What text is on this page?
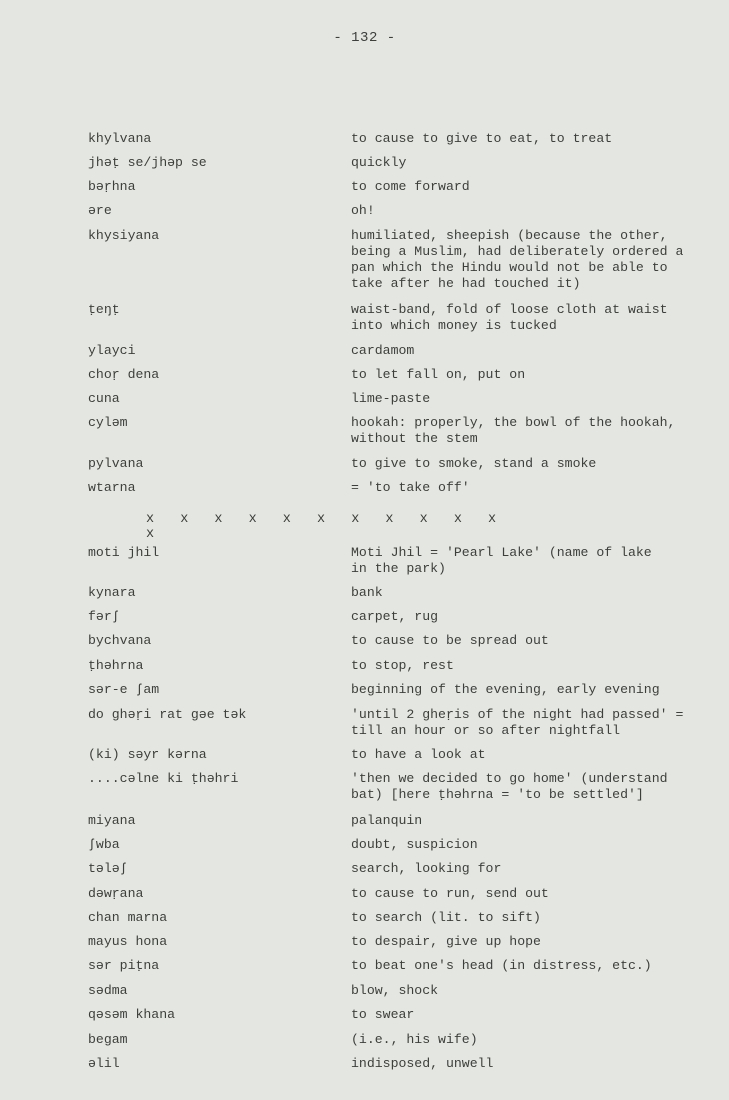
- 132 -
khylvana	to cause to give to eat, to treat
jhəṭ se/jhəp se	quickly
bəṛhna	to come forward
əre	oh!
khysiyana	humiliated, sheepish (because the other,
being a Muslim, had deliberately ordered a
pan which the Hindu would not be able to
take after he had touched it)
ṭeŋṭ	waist-band, fold of loose cloth at waist
into which money is tucked
ylayci	cardamom
choṛ dena	to let fall on, put on
cuna	lime-paste
cyləm	hookah: properly, the bowl of the hookah,
without the stem
pylvana	to give to smoke, stand a smoke
wtarna	= 'to take off'
x x x x x x x x x x x x
moti jhil	Moti Jhil = 'Pearl Lake' (name of lake
in the park)
kynara	bank
fərʃ	carpet, rug
bychvana	to cause to be spread out
ṭhəhrna	to stop, rest
sər-e ʃam	beginning of the evening, early evening
do ghəṛi rat gəe tək	'until 2 gheṛis of the night had passed' =
till an hour or so after nightfall
(ki) səyr kərna	to have a look at
....cəlne ki ṭhəhri	'then we decided to go home' (understand
bat) [here ṭhəhrna = 'to be settled']
miyana	palanquin
ʃwba	doubt, suspicion
tələʃ	search, looking for
dəwṛana	to cause to run, send out
chan marna	to search (lit. to sift)
mayus hona	to despair, give up hope
sər piṭna	to beat one's head (in distress, etc.)
sədma	blow, shock
qəsəm khana	to swear
begam	(i.e., his wife)
əlil	indisposed, unwell
